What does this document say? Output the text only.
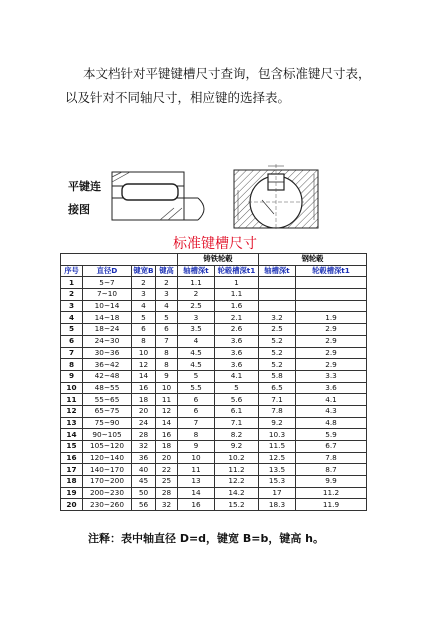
本文档针对平键键槽尺寸查询，包含标准键尺寸表，
以及针对不同轴尺寸，相应键的选择表。
平键连
接图
标准键槽尺寸
				铸铁轮毂		钢轮毂	
序号	直径D	键宽B	键高	轴槽深t	轮毂槽深t1	轴槽深t	轮毂槽深t1
1	5~7	2	2	1.1	1		
2	7~10	3	3	2	1.1		
3	10~14	4	4	2.5	1.6		
4	14~18	5	5	3	2.1	3.2	1.9
5	18~24	6	6	3.5	2.6	2.5	2.9
6	24~30	8	7	4	3.6	5.2	2.9
7	30~36	10	8	4.5	3.6	5.2	2.9
8	36~42	12	8	4.5	3.6	5.2	2.9
9	42~48	14	9	5	4.1	5.8	3.3
10	48~55	16	10	5.5	5	6.5	3.6
11	55~65	18	11	6	5.6	7.1	4.1
12	65~75	20	12	6	6.1	7.8	4.3
13	75~90	24	14	7	7.1	9.2	4.8
14	90~105	28	16	8	8.2	10.3	5.9
15	105~120	32	18	9	9.2	11.5	6.7
16	120~140	36	20	10	10.2	12.5	7.8
17	140~170	40	22	11	11.2	13.5	8.7
18	170~200	45	25	13	12.2	15.3	9.9
19	200~230	50	28	14	14.2	17	11.2
20	230~260	56	32	16	15.2	18.3	11.9
注释：表中轴直径 D=d，键宽 B=b，键高 h。
